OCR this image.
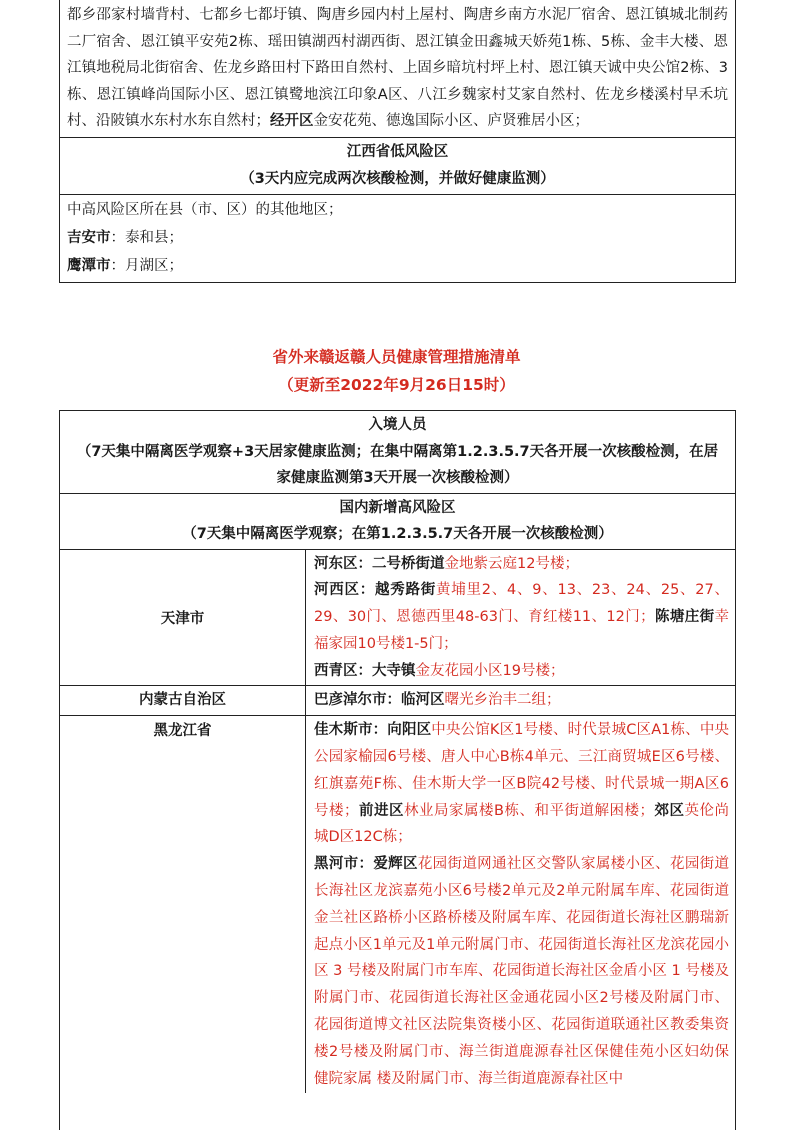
都乡邵家村墙背村、七都乡七都圩镇、陶唐乡园内村上屋村、陶唐乡南方水泥厂宿舍、恩江镇城北制药二厂宿舍、恩江镇平安苑2栋、瑶田镇湖西村湖西街、恩江镇金田鑫城天娇苑1栋、5栋、金丰大楼、恩江镇地税局北街宿舍、佐龙乡路田村下路田自然村、上固乡暗坑村坪上村、恩江镇天诚中央公馆2栋、3栋、恩江镇峰尚国际小区、恩江镇鹭地滨江印象A区、八江乡魏家村艾家自然村、佐龙乡楼溪村早禾坑村、沿陂镇水东村水东自然村；经开区金安花苑、德逸国际小区、庐贤雅居小区；
江西省低风险区
（3天内应完成两次核酸检测，并做好健康监测）
中高风险区所在县（市、区）的其他地区；
吉安市：泰和县；
鹰潭市：月湖区；
省外来赣返赣人员健康管理措施清单
（更新至2022年9月26日15时）
入境人员
（7天集中隔离医学观察+3天居家健康监测；在集中隔离第1.2.3.5.7天各开展一次核酸检测，在居家健康监测第3天开展一次核酸检测）
国内新增高风险区
（7天集中隔离医学观察；在第1.2.3.5.7天各开展一次核酸检测）
天津市
河东区：二号桥街道金地紫云庭12号楼；
河西区：越秀路街黄埔里2、4、9、13、23、24、25、27、29、30门、恩德西里48-63门、育红楼11、12门；陈塘庄街幸福家园10号楼1-5门；
西青区：大寺镇金友花园小区19号楼；
内蒙古自治区	巴彦淖尔市：临河区曙光乡治丰二组；
黑龙江省	佳木斯市：向阳区中央公馆K区1号楼、时代景城C区A1栋、中央公园家榆园6号楼、唐人中心B栋4单元、三江商贸城E区6号楼、红旗嘉苑F栋、佳木斯大学一区B院42号楼、时代景城一期A区6号楼；前进区林业局家属楼B栋、和平街道解困楼；郊区英伦尚城D区12C栋；
黑河市：爱辉区花园街道网通社区交警队家属楼小区、花园街道长海社区龙滨嘉苑小区6号楼2单元及2单元附属车库、花园街道金兰社区路桥小区路桥楼及附属车库、花园街道长海社区鹏瑞新起点小区1单元及1单元附属门市、花园街道长海社区龙滨花园小区 3 号楼及附属门市车库、花园街道长海社区金盾小区 1 号楼及附属门市、花园街道长海社区金通花园小区2号楼及附属门市、花园街道博文社区法院集资楼小区、花园街道联通社区教委集资楼2号楼及附属门市、海兰街道鹿源春社区保健佳苑小区妇幼保健院家属 楼及附属门市、海兰街道鹿源春社区中
